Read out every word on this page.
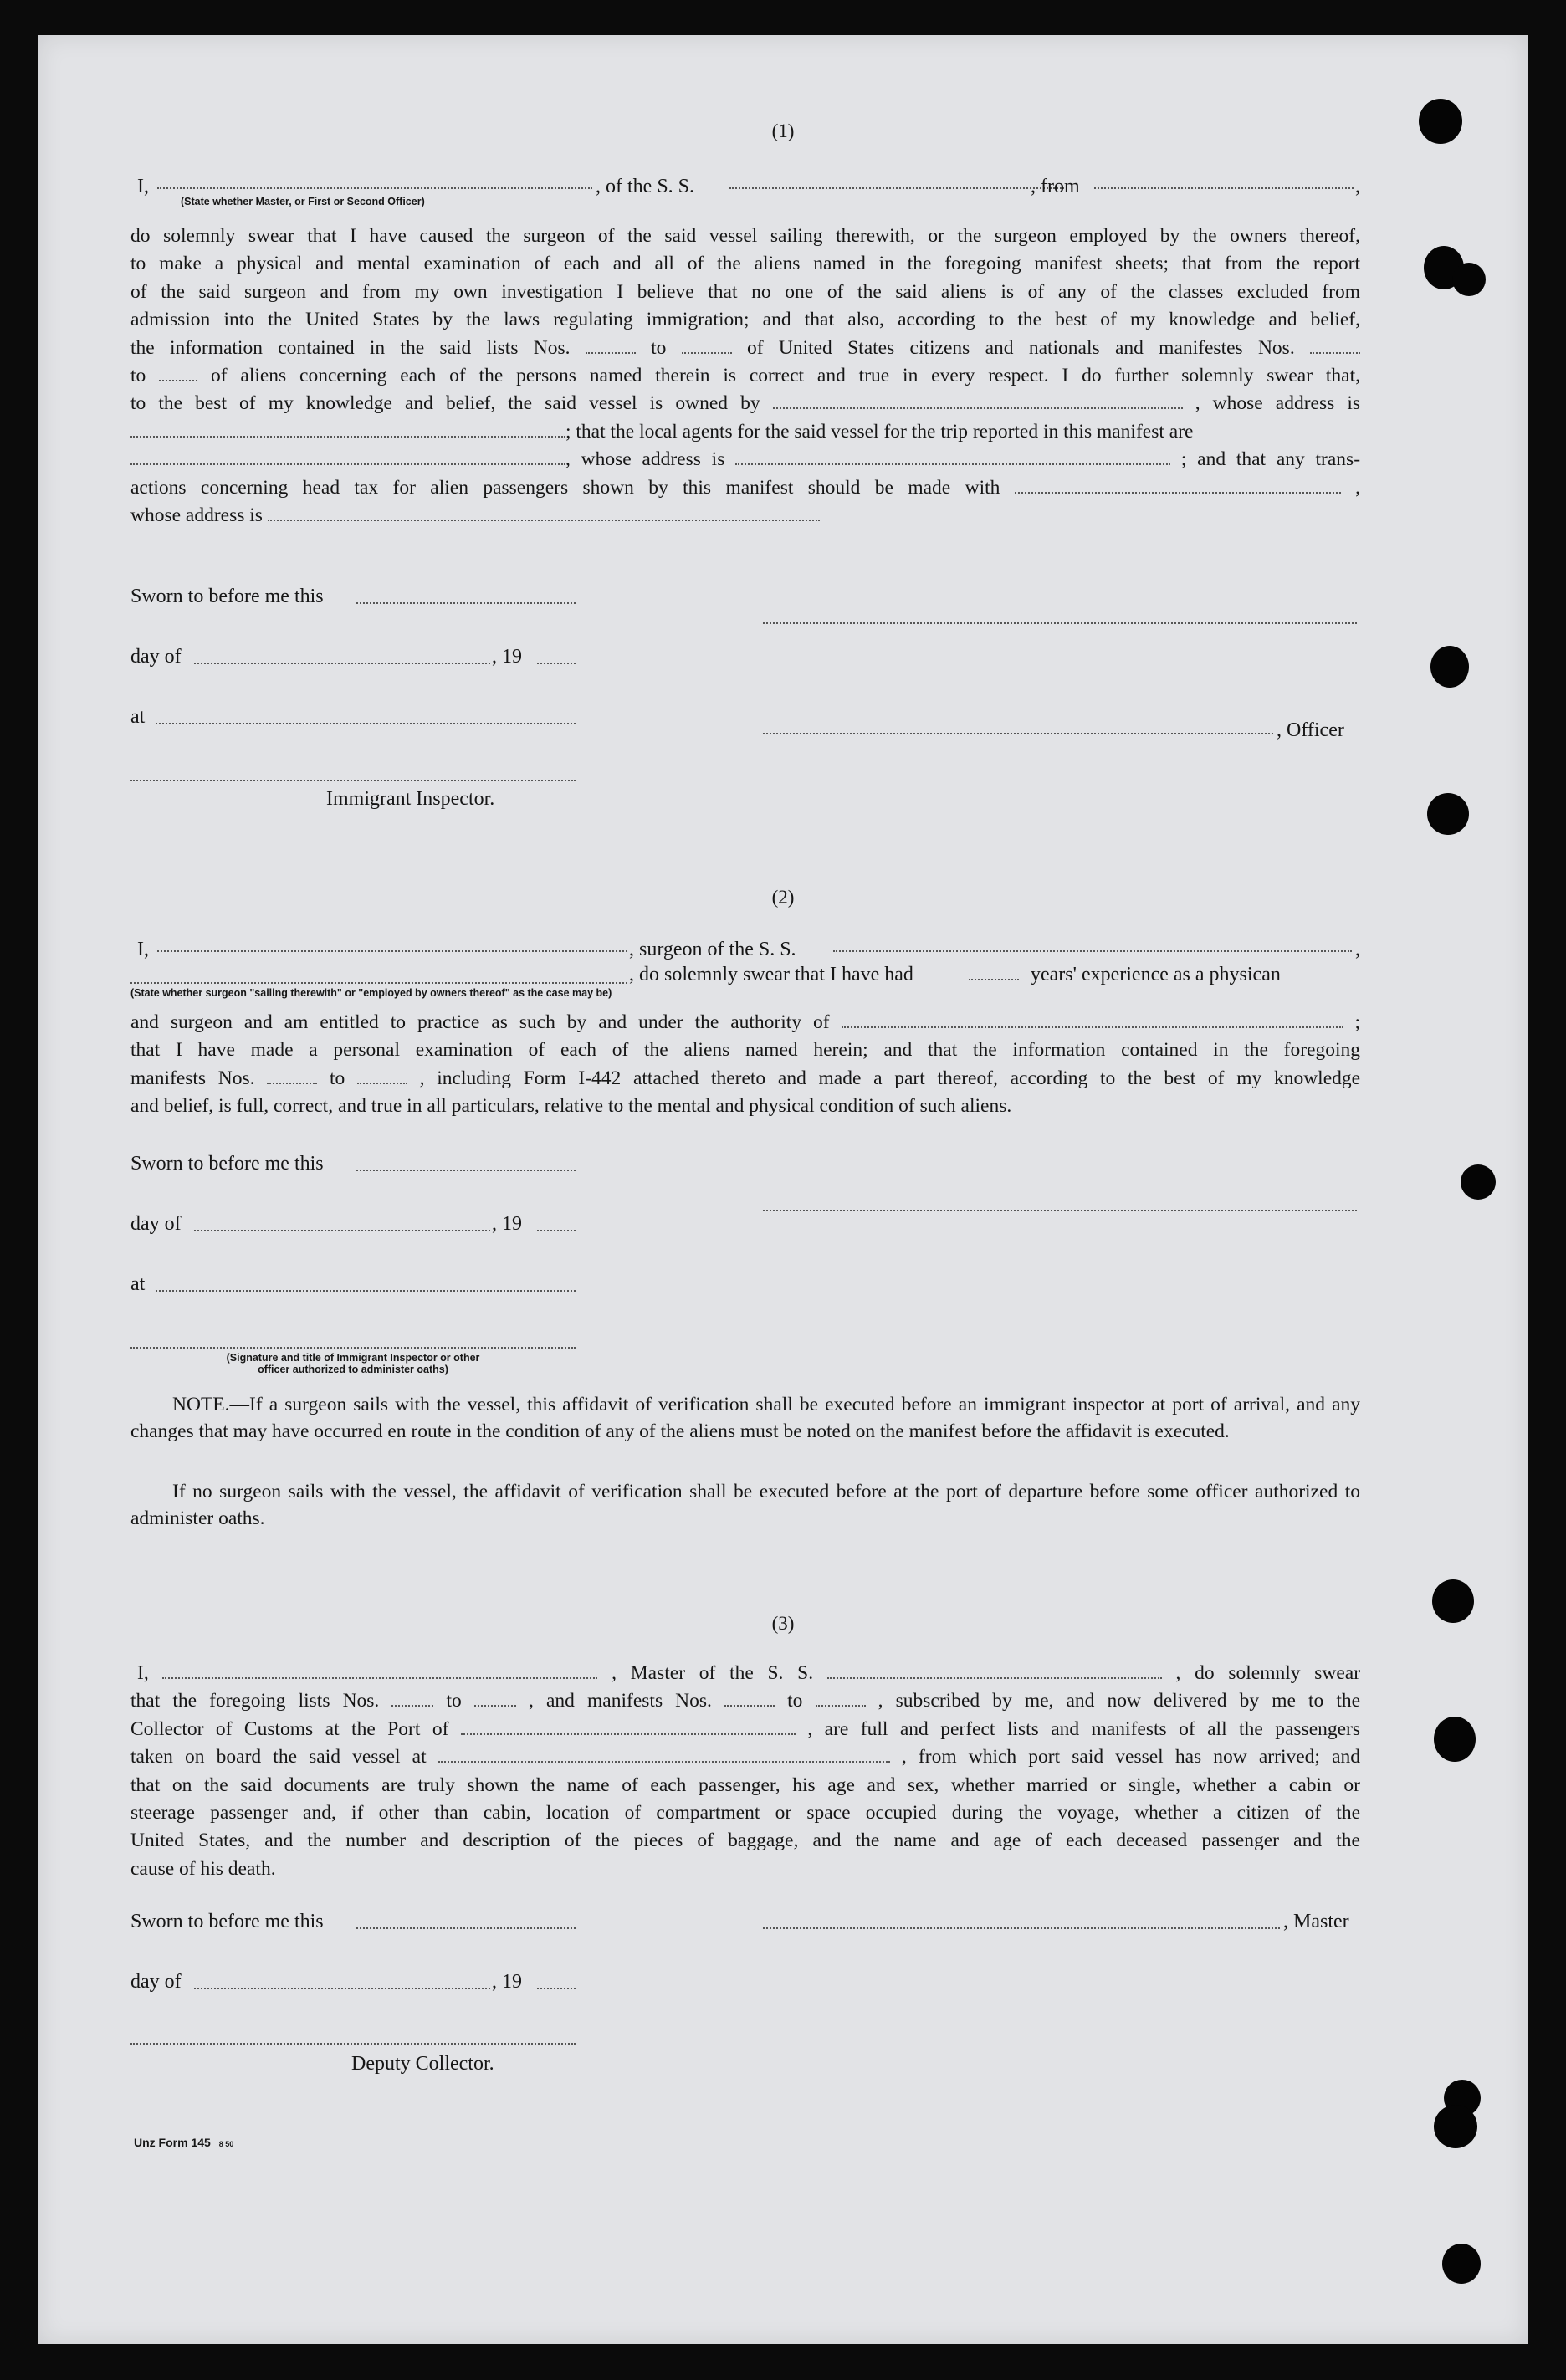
(1)
I,	, of the S. S.	, from	,
(State whether Master, or First or Second Officer)
do solemnly swear that I have caused the surgeon of the said vessel sailing therewith, or the surgeon employed by the owners thereof,
to make a physical and mental examination of each and all of the aliens named in the foregoing manifest sheets; that from the report
of the said surgeon and from my own investigation I believe that no one of the said aliens is of any of the classes excluded from
admission into the United States by the laws regulating immigration; and that also, according to the best of my knowledge and belief,
the information contained in the said lists Nos.	to	of United States citizens and nationals and manifestes Nos.
to	of aliens concerning each of the persons named therein is correct and true in every respect. I do further solemnly swear that,
to the best of my knowledge and belief, the said vessel is owned by	, whose address is
; that the local agents for the said vessel for the trip reported in this manifest are
, whose address is	; and that any trans-
actions concerning head tax for alien passengers shown by this manifest should be made with	,
whose address is
Sworn to before me this
day of	, 19
at
, Officer
Immigrant Inspector.
(2)
I,	, surgeon of the S. S.	,
, do solemnly swear that I have had	years' experience as a physican
(State whether surgeon "sailing therewith" or "employed by owners thereof" as the case may be)
and surgeon and am entitled to practice as such by and under the authority of	;
that I have made a personal examination of each of the aliens named herein; and that the information contained in the foregoing
manifests Nos.	to	, including Form I-442 attached thereto and made a part thereof, according to the best of my knowledge
and belief, is full, correct, and true in all particulars, relative to the mental and physical condition of such aliens.
Sworn to before me this
day of	, 19
at
(Signature and title of Immigrant Inspector or other
officer authorized to administer oaths)
NOTE.—If a surgeon sails with the vessel, this affidavit of verification shall be executed before an immigrant inspector at port of arrival, and any changes that may have occurred en route in the condition of any of the aliens must be noted on the manifest before the affidavit is executed.
If no surgeon sails with the vessel, the affidavit of verification shall be executed before at the port of departure before some officer authorized to administer oaths.
(3)
I,	, Master of the S. S.	, do solemnly swear
that the foregoing lists Nos.	to	, and manifests Nos.	to	, subscribed by me, and now delivered by me to the
Collector of Customs at the Port of	, are full and perfect lists and manifests of all the passengers
taken on board the said vessel at	, from which port said vessel has now arrived; and
that on the said documents are truly shown the name of each passenger, his age and sex, whether married or single, whether a cabin or
steerage passenger and, if other than cabin, location of compartment or space occupied during the voyage, whether a citizen of the
United States, and the number and description of the pieces of baggage, and the name and age of each deceased passenger and the
cause of his death.
Sworn to before me this	, Master
day of	, 19
Deputy Collector.
Unz Form 145 8 50
